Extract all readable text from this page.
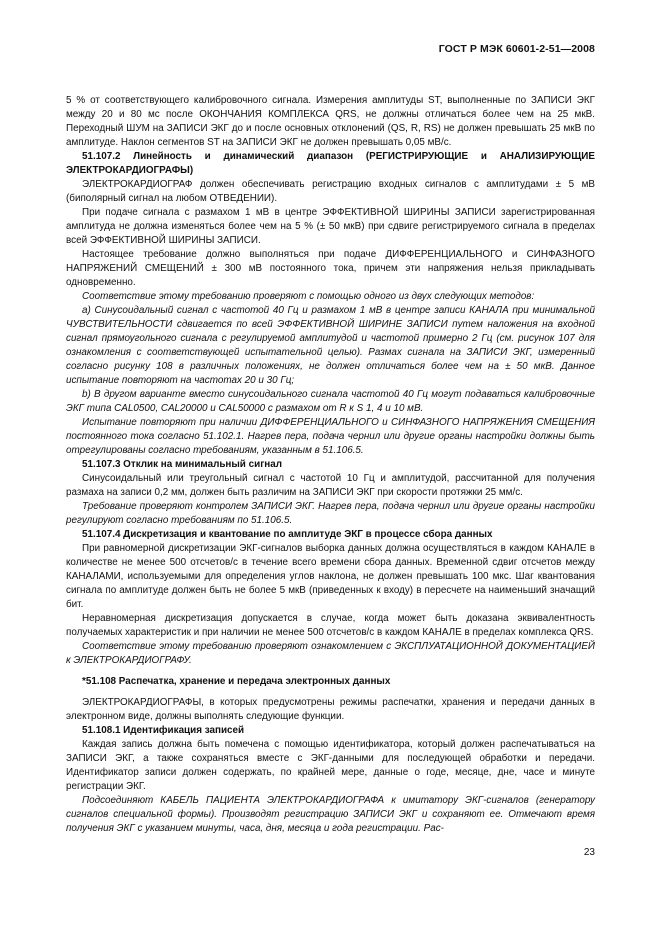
ГОСТ Р МЭК 60601-2-51—2008

5 % от соответствующего калибровочного сигнала. Измерения амплитуды ST, выполненные по ЗАПИСИ ЭКГ между 20 и 80 мс после ОКОНЧАНИЯ КОМПЛЕКСА QRS, не должны отличаться более чем на 25 мкВ. Переходный ШУМ на ЗАПИСИ ЭКГ до и после основных отклонений (QS, R, RS) не должен превышать 25 мкВ по амплитуде. Наклон сегментов ST на ЗАПИСИ ЭКГ не должен превышать 0,05 мВ/с.

51.107.2 Линейность и динамический диапазон (РЕГИСТРИРУЮЩИЕ и АНАЛИЗИРУЮЩИЕ ЭЛЕКТРОКАРДИОГРАФЫ)

ЭЛЕКТРОКАРДИОГРАФ должен обеспечивать регистрацию входных сигналов с амплитудами ± 5 мВ (биполярный сигнал на любом ОТВЕДЕНИИ).

При подаче сигнала с размахом 1 мВ в центре ЭФФЕКТИВНОЙ ШИРИНЫ ЗАПИСИ зарегистрированная амплитуда не должна изменяться более чем на 5 % (± 50 мкВ) при сдвиге регистрируемого сигнала в пределах всей ЭФФЕКТИВНОЙ ШИРИНЫ ЗАПИСИ.

Настоящее требование должно выполняться при подаче ДИФФЕРЕНЦИАЛЬНОГО и СИНФАЗНОГО НАПРЯЖЕНИЙ СМЕЩЕНИЙ ± 300 мВ постоянного тока, причем эти напряжения нельзя прикладывать одновременно.

Соответствие этому требованию проверяют с помощью одного из двух следующих методов:

a) Синусоидальный сигнал с частотой 40 Гц и размахом 1 мВ в центре записи КАНАЛА при минимальной ЧУВСТВИТЕЛЬНОСТИ сдвигается по всей ЭФФЕКТИВНОЙ ШИРИНЕ ЗАПИСИ путем наложения на входной сигнал прямоугольного сигнала с регулируемой амплитудой и частотой примерно 2 Гц (см. рисунок 107 для ознакомления с соответствующей испытательной целью). Размах сигнала на ЗАПИСИ ЭКГ, измеренный согласно рисунку 108 в различных положениях, не должен отличаться более чем на ± 50 мкВ. Данное испытание повторяют на частотах 20 и 30 Гц;

b) В другом варианте вместо синусоидального сигнала частотой 40 Гц могут подаваться калибровочные ЭКГ типа CAL0500, CAL20000 и CAL50000 с размахом от R к S 1, 4 и 10 мВ.

Испытание повторяют при наличии ДИФФЕРЕНЦИАЛЬНОГО и СИНФАЗНОГО НАПРЯЖЕНИЯ СМЕЩЕНИЯ постоянного тока согласно 51.102.1. Нагрев пера, подача чернил или другие органы настройки должны быть отрегулированы согласно требованиям, указанным в 51.106.5.

51.107.3 Отклик на минимальный сигнал

Синусоидальный или треугольный сигнал с частотой 10 Гц и амплитудой, рассчитанной для получения размаха на записи 0,2 мм, должен быть различим на ЗАПИСИ ЭКГ при скорости протяжки 25 мм/с.

Требование проверяют контролем ЗАПИСИ ЭКГ. Нагрев пера, подача чернил или другие органы настройки регулируют согласно требованиям по 51.106.5.

51.107.4 Дискретизация и квантование по амплитуде ЭКГ в процессе сбора данных

При равномерной дискретизации ЭКГ-сигналов выборка данных должна осуществляться в каждом КАНАЛЕ в количестве не менее 500 отсчетов/с в течение всего времени сбора данных. Временной сдвиг отсчетов между КАНАЛАМИ, используемыми для определения углов наклона, не должен превышать 100 мкс. Шаг квантования сигнала по амплитуде должен быть не более 5 мкВ (приведенных к входу) в пересчете на наименьший значащий бит.

Неравномерная дискретизация допускается в случае, когда может быть доказана эквивалентность получаемых характеристик и при наличии не менее 500 отсчетов/с в каждом КАНАЛЕ в пределах комплекса QRS.

Соответствие этому требованию проверяют ознакомлением с ЭКСПЛУАТАЦИОННОЙ ДОКУМЕНТАЦИЕЙ к ЭЛЕКТРОКАРДИОГРАФУ.

*51.108 Распечатка, хранение и передача электронных данных

ЭЛЕКТРОКАРДИОГРАФЫ, в которых предусмотрены режимы распечатки, хранения и передачи данных в электронном виде, должны выполнять следующие функции.

51.108.1 Идентификация записей

Каждая запись должна быть помечена с помощью идентификатора, который должен распечатываться на ЗАПИСИ ЭКГ, а также сохраняться вместе с ЭКГ-данными для последующей обработки и передачи. Идентификатор записи должен содержать, по крайней мере, данные о годе, месяце, дне, часе и минуте регистрации ЭКГ.

Подсоединяют КАБЕЛЬ ПАЦИЕНТА ЭЛЕКТРОКАРДИОГРАФА к имитатору ЭКГ-сигналов (генератору сигналов специальной формы). Производят регистрацию ЗАПИСИ ЭКГ и сохраняют ее. Отмечают время получения ЭКГ с указанием минуты, часа, дня, месяца и года регистрации. Рас-

23
